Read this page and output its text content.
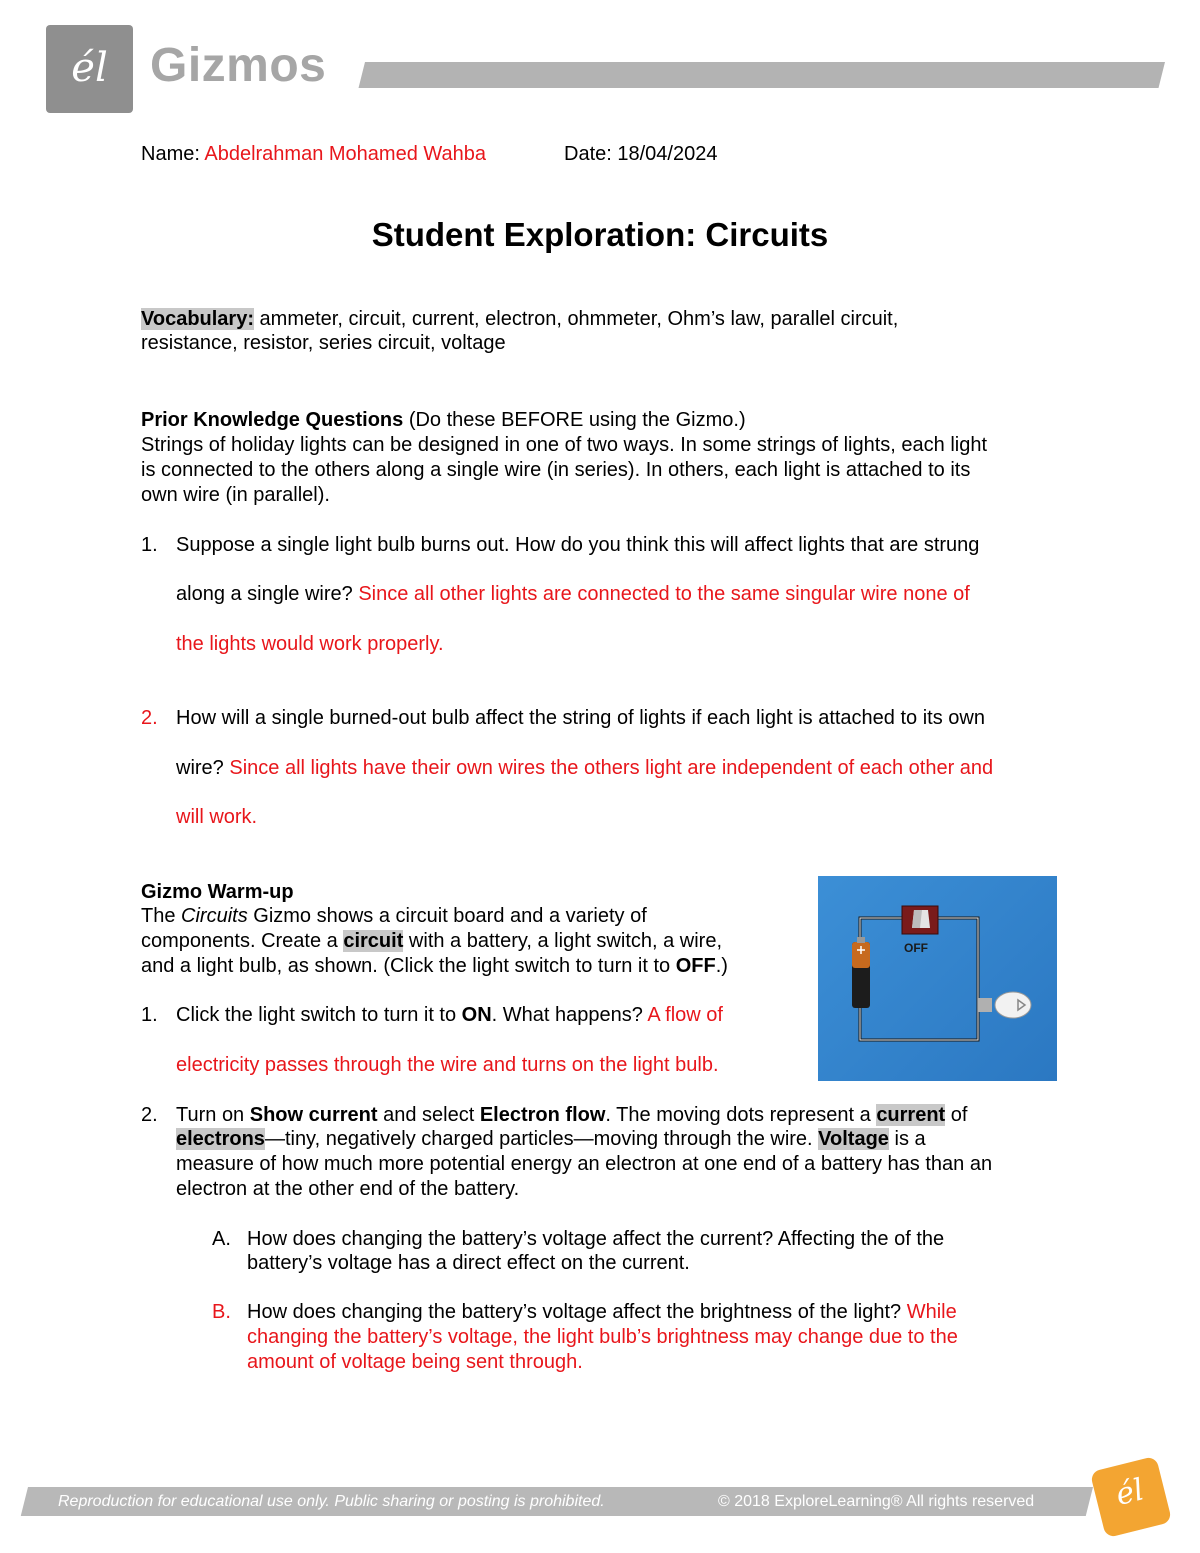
él Gizmos
Name: Abdelrahman Mohamed Wahba	Date: 18/04/2024
Student Exploration: Circuits
Vocabulary: ammeter, circuit, current, electron, ohmmeter, Ohm’s law, parallel circuit,
resistance, resistor, series circuit, voltage
Prior Knowledge Questions (Do these BEFORE using the Gizmo.)
Strings of holiday lights can be designed in one of two ways. In some strings of lights, each light
is connected to the others along a single wire (in series). In others, each light is attached to its
own wire (in parallel).
1. Suppose a single light bulb burns out. How do you think this will affect lights that are strung
along a single wire? Since all other lights are connected to the same singular wire none of
the lights would work properly.
2. How will a single burned-out bulb affect the string of lights if each light is attached to its own
wire? Since all lights have their own wires the others light are independent of each other and
will work.
Gizmo Warm-up
The Circuits Gizmo shows a circuit board and a variety of
components. Create a circuit with a battery, a light switch, a wire,
and a light bulb, as shown. (Click the light switch to turn it to OFF.)
1. Click the light switch to turn it to ON. What happens? A flow of
electricity passes through the wire and turns on the light bulb.
OFF
2. Turn on Show current and select Electron flow. The moving dots represent a current of
electrons—tiny, negatively charged particles—moving through the wire. Voltage is a
measure of how much more potential energy an electron at one end of a battery has than an
electron at the other end of the battery.
A. How does changing the battery’s voltage affect the current? Affecting the of the
battery’s voltage has a direct effect on the current.
B. How does changing the battery’s voltage affect the brightness of the light? While
changing the battery’s voltage, the light bulb’s brightness may change due to the
amount of voltage being sent through.
Reproduction for educational use only. Public sharing or posting is prohibited.	© 2018 ExploreLearning® All rights reserved	él
